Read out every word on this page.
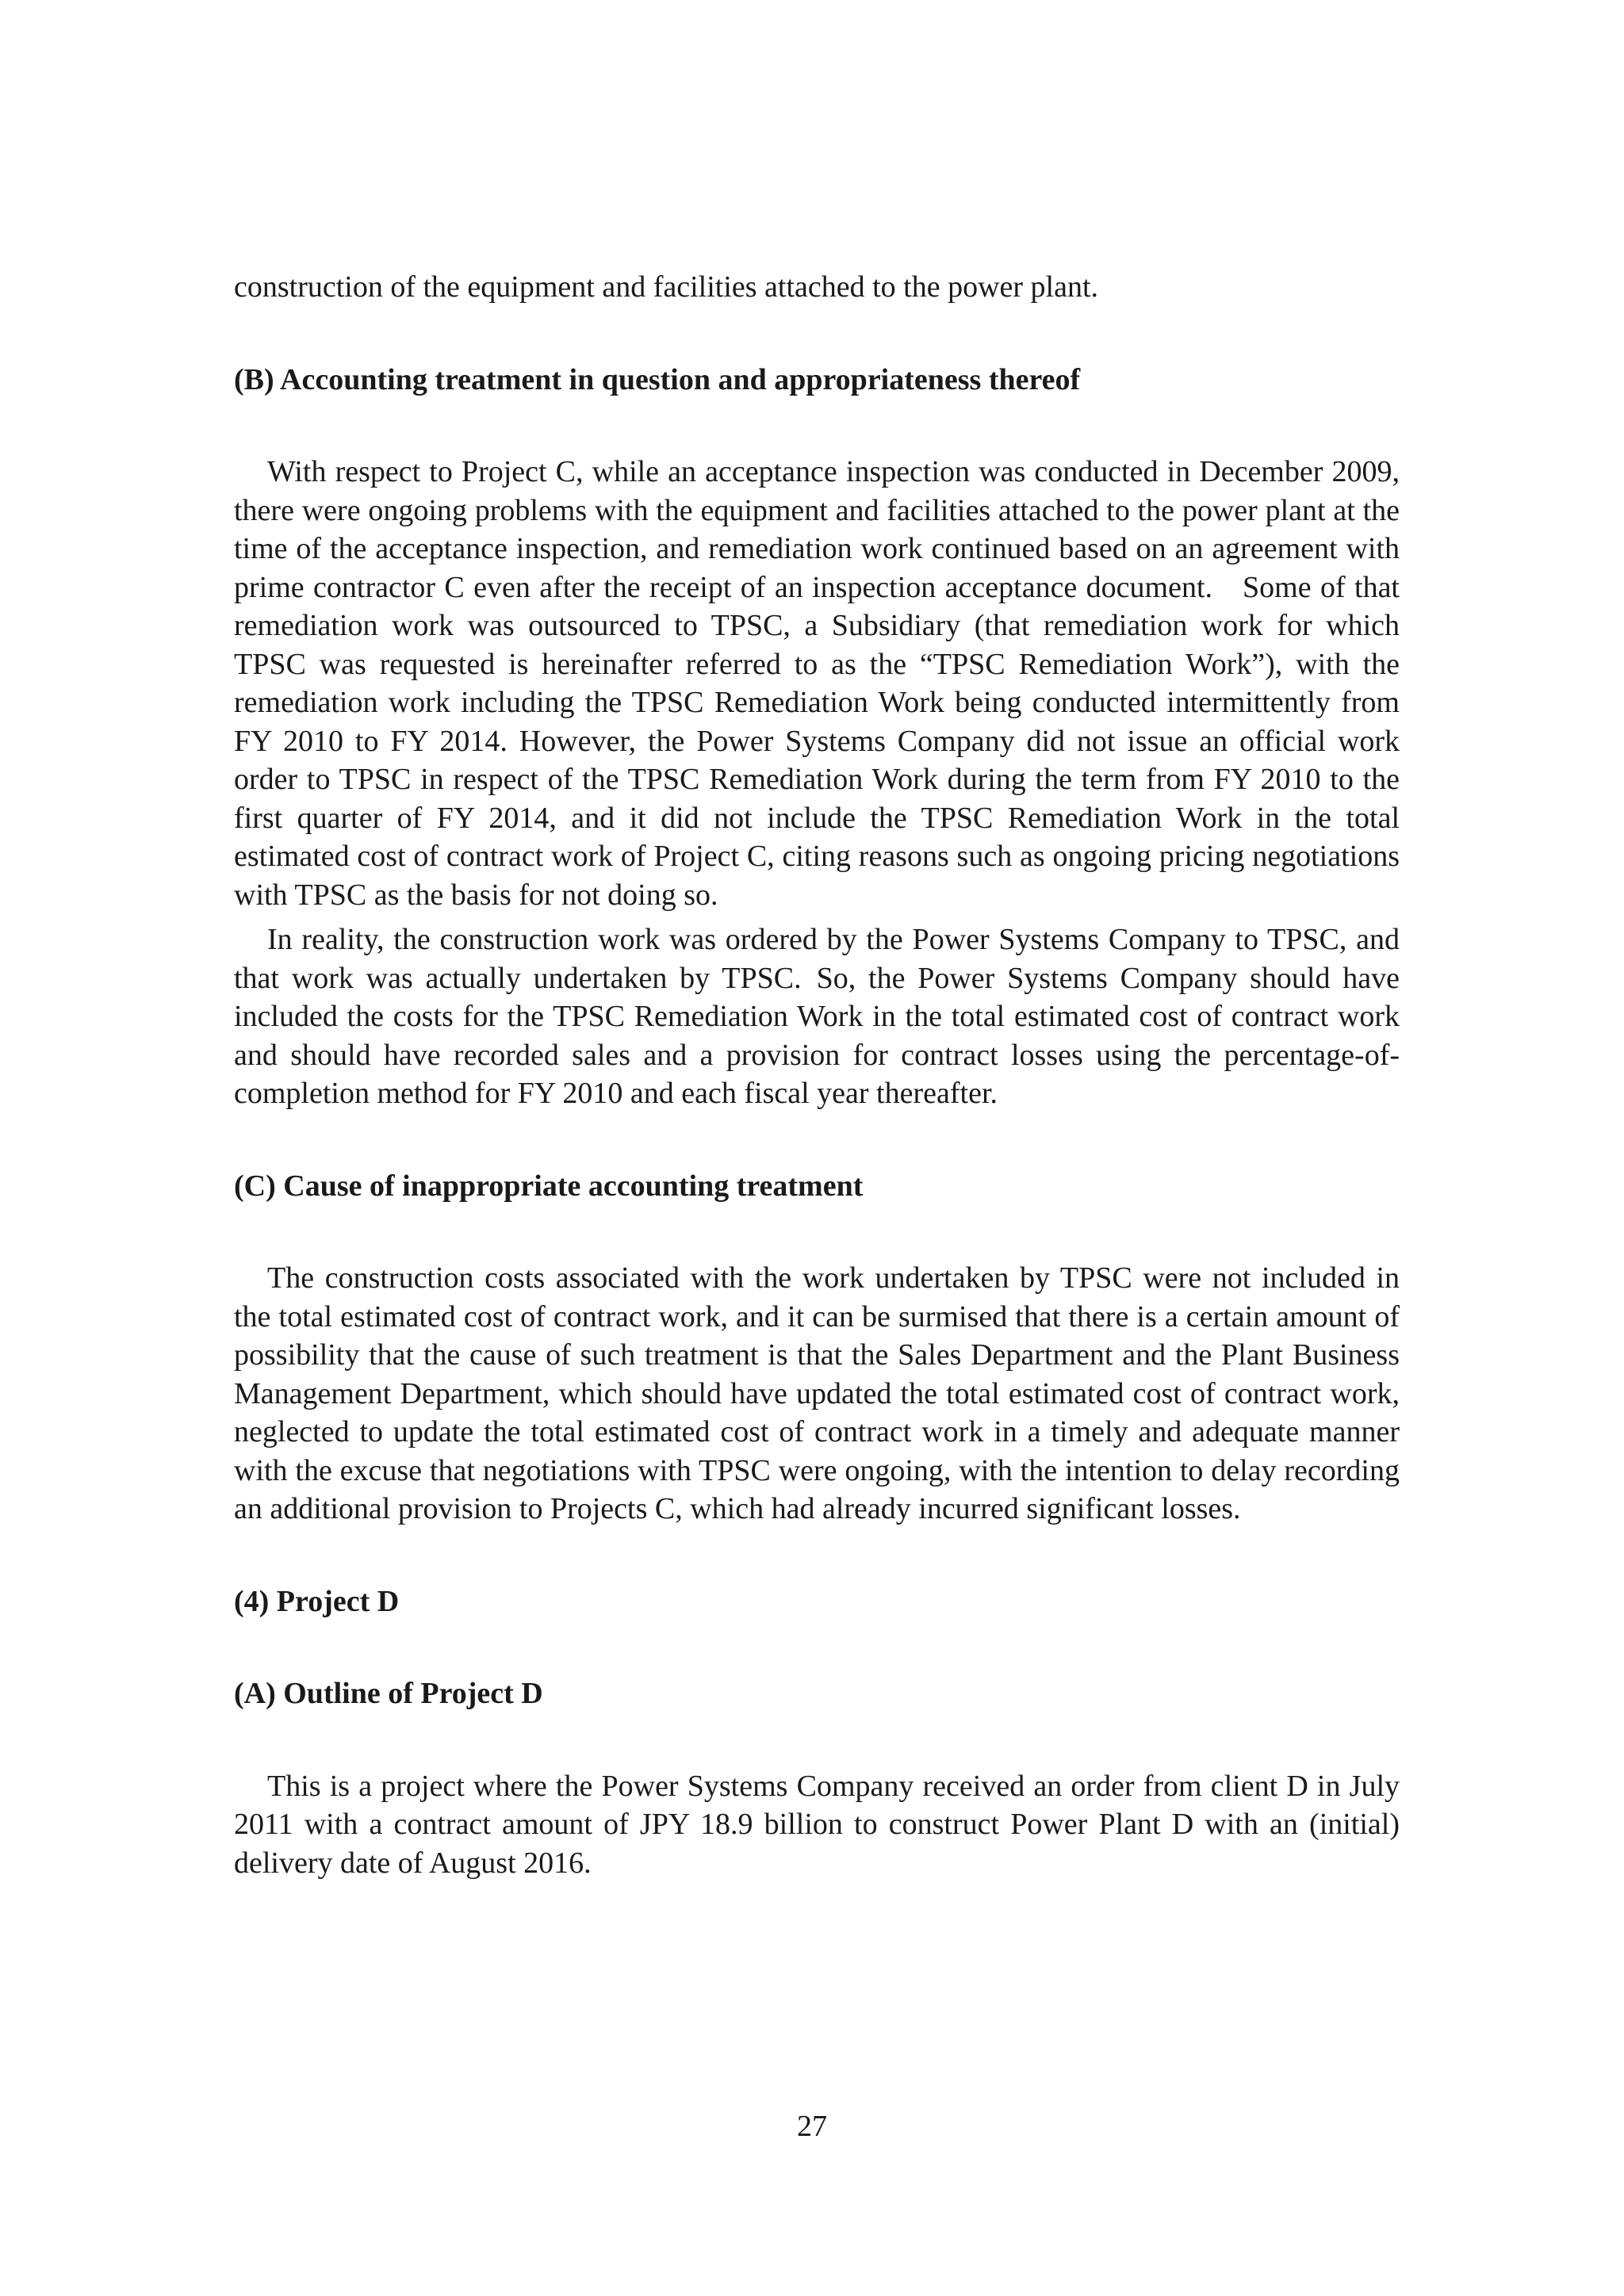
construction of the equipment and facilities attached to the power plant.

(B) Accounting treatment in question and appropriateness thereof

With respect to Project C, while an acceptance inspection was conducted in December 2009, there were ongoing problems with the equipment and facilities attached to the power plant at the time of the acceptance inspection, and remediation work continued based on an agreement with prime contractor C even after the receipt of an inspection acceptance document. Some of that remediation work was outsourced to TPSC, a Subsidiary (that remediation work for which TPSC was requested is hereinafter referred to as the “TPSC Remediation Work”), with the remediation work including the TPSC Remediation Work being conducted intermittently from FY 2010 to FY 2014. However, the Power Systems Company did not issue an official work order to TPSC in respect of the TPSC Remediation Work during the term from FY 2010 to the first quarter of FY 2014, and it did not include the TPSC Remediation Work in the total estimated cost of contract work of Project C, citing reasons such as ongoing pricing negotiations with TPSC as the basis for not doing so.

In reality, the construction work was ordered by the Power Systems Company to TPSC, and that work was actually undertaken by TPSC. So, the Power Systems Company should have included the costs for the TPSC Remediation Work in the total estimated cost of contract work and should have recorded sales and a provision for contract losses using the percentage-of-completion method for FY 2010 and each fiscal year thereafter.

(C) Cause of inappropriate accounting treatment

The construction costs associated with the work undertaken by TPSC were not included in the total estimated cost of contract work, and it can be surmised that there is a certain amount of possibility that the cause of such treatment is that the Sales Department and the Plant Business Management Department, which should have updated the total estimated cost of contract work, neglected to update the total estimated cost of contract work in a timely and adequate manner with the excuse that negotiations with TPSC were ongoing, with the intention to delay recording an additional provision to Projects C, which had already incurred significant losses.

(4) Project D
(A) Outline of Project D

This is a project where the Power Systems Company received an order from client D in July 2011 with a contract amount of JPY 18.9 billion to construct Power Plant D with an (initial) delivery date of August 2016.

27
